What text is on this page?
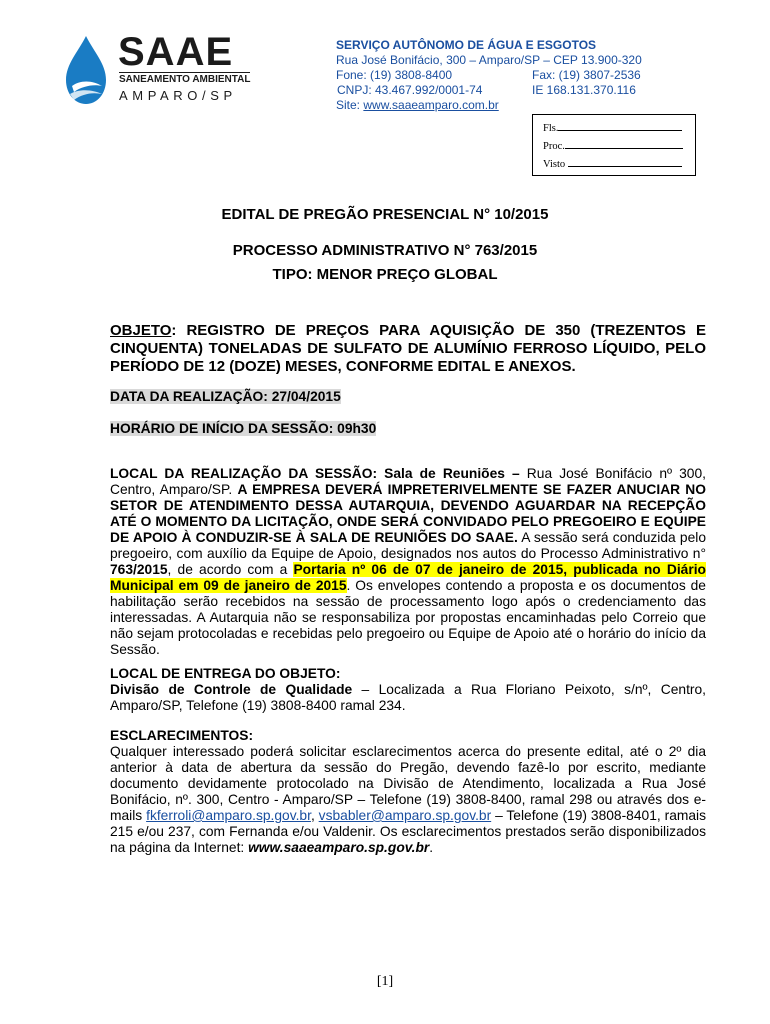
SAAE
SANEAMENTO AMBIENTAL
AMPARO/SP
SERVIÇO AUTÔNOMO DE ÁGUA E ESGOTOS
Rua José Bonifácio, 300 – Amparo/SP – CEP 13.900-320
Fone: (19) 3808-8400	Fax: (19) 3807-2536
CNPJ: 43.467.992/0001-74	IE 168.131.370.116
Site: www.saaeamparo.com.br
Fls.
Proc.
Visto
EDITAL DE PREGÃO PRESENCIAL N° 10/2015
PROCESSO ADMINISTRATIVO N° 763/2015
TIPO: MENOR PREÇO GLOBAL
OBJETO: REGISTRO DE PREÇOS PARA AQUISIÇÃO DE 350 (TREZENTOS E CINQUENTA) TONELADAS DE SULFATO DE ALUMÍNIO FERROSO LÍQUIDO, PELO PERÍODO DE 12 (DOZE) MESES, CONFORME EDITAL E ANEXOS.
DATA DA REALIZAÇÃO: 27/04/2015
HORÁRIO DE INÍCIO DA SESSÃO: 09h30
LOCAL DA REALIZAÇÃO DA SESSÃO: Sala de Reuniões – Rua José Bonifácio nº 300, Centro, Amparo/SP. A EMPRESA DEVERÁ IMPRETERIVELMENTE SE FAZER ANUCIAR NO SETOR DE ATENDIMENTO DESSA AUTARQUIA, DEVENDO AGUARDAR NA RECEPÇÃO ATÉ O MOMENTO DA LICITAÇÃO, ONDE SERÁ CONVIDADO PELO PREGOEIRO E EQUIPE DE APOIO À CONDUZIR-SE À SALA DE REUNIÕES DO SAAE. A sessão será conduzida pelo pregoeiro, com auxílio da Equipe de Apoio, designados nos autos do Processo Administrativo n° 763/2015, de acordo com a Portaria nº 06 de 07 de janeiro de 2015, publicada no Diário Municipal em 09 de janeiro de 2015. Os envelopes contendo a proposta e os documentos de habilitação serão recebidos na sessão de processamento logo após o credenciamento das interessadas. A Autarquia não se responsabiliza por propostas encaminhadas pelo Correio que não sejam protocoladas e recebidas pelo pregoeiro ou Equipe de Apoio até o horário do início da Sessão.
LOCAL DE ENTREGA DO OBJETO:
Divisão de Controle de Qualidade – Localizada a Rua Floriano Peixoto, s/nº, Centro, Amparo/SP, Telefone (19) 3808-8400 ramal 234.
ESCLARECIMENTOS:
Qualquer interessado poderá solicitar esclarecimentos acerca do presente edital, até o 2º dia anterior à data de abertura da sessão do Pregão, devendo fazê-lo por escrito, mediante documento devidamente protocolado na Divisão de Atendimento, localizada a Rua José Bonifácio, nº. 300, Centro - Amparo/SP – Telefone (19) 3808-8400, ramal 298 ou através dos e-mails fkferroli@amparo.sp.gov.br, vsbabler@amparo.sp.gov.br – Telefone (19) 3808-8401, ramais 215 e/ou 237, com Fernanda e/ou Valdenir. Os esclarecimentos prestados serão disponibilizados na página da Internet: www.saaeamparo.sp.gov.br.
[1]
